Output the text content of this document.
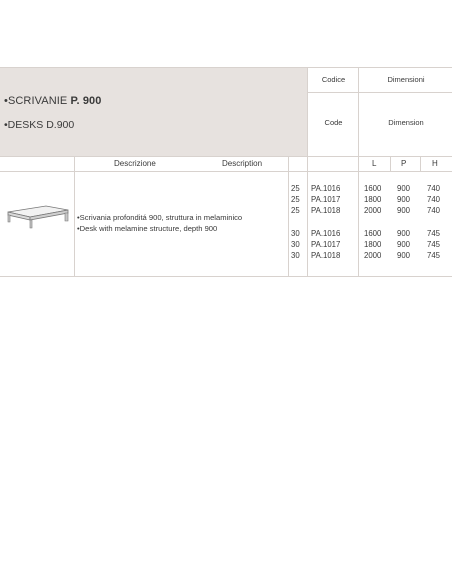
•SCRIVANIE P. 900
•DESKS D.900
Codice
Code
Dimensioni
Dimension
Descrizione	Description	L	P	H
•Scrivania profonditá 900, struttura in melaminico
•Desk with melamine structure, depth 900
25 PA.1016	1600 900 740
25 PA.1017	1800 900 740
25 PA.1018	2000 900 740
30 PA.1016	1600 900 745
30 PA.1017	1800 900 745
30 PA.1018	2000 900 745
